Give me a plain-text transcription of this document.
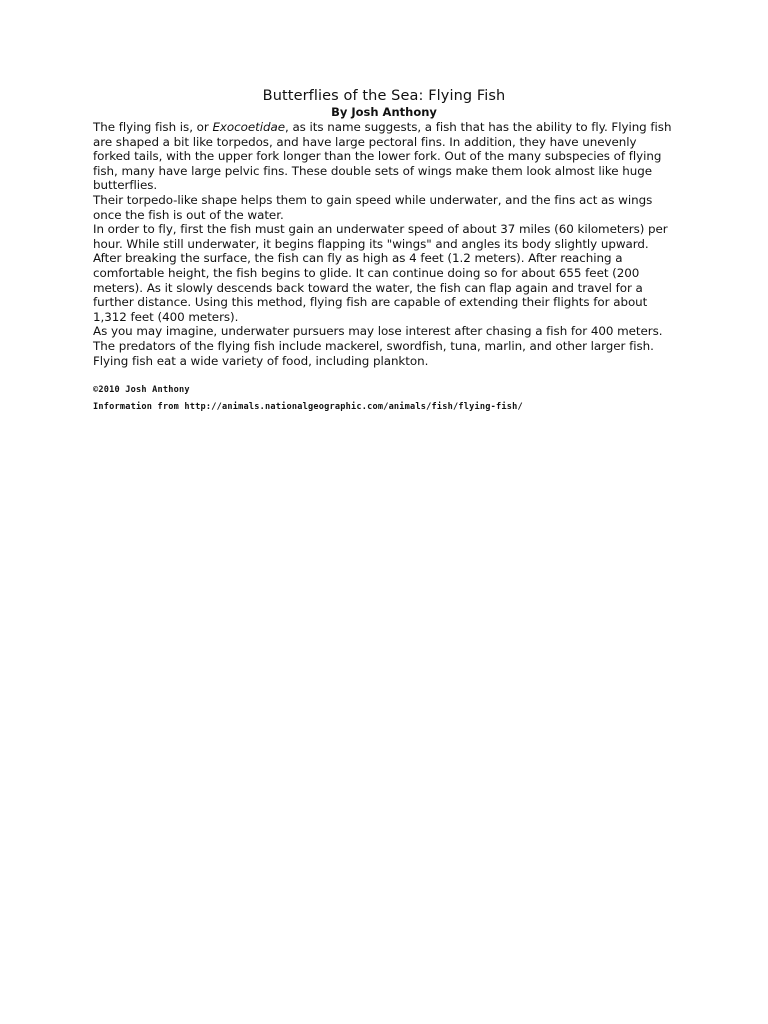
Butterflies of the Sea: Flying Fish
By Josh Anthony

The flying fish is, or Exocoetidae, as its name suggests, a fish that has the ability to fly. Flying fish are shaped a bit like torpedos, and have large pectoral fins. In addition, they have unevenly forked tails, with the upper fork longer than the lower fork. Out of the many subspecies of flying fish, many have large pelvic fins. These double sets of wings make them look almost like huge butterflies.

Their torpedo-like shape helps them to gain speed while underwater, and the fins act as wings once the fish is out of the water.

In order to fly, first the fish must gain an underwater speed of about 37 miles (60 kilometers) per hour. While still underwater, it begins flapping its "wings" and angles its body slightly upward. After breaking the surface, the fish can fly as high as 4 feet (1.2 meters). After reaching a comfortable height, the fish begins to glide. It can continue doing so for about 655 feet (200 meters). As it slowly descends back toward the water, the fish can flap again and travel for a further distance. Using this method, flying fish are capable of extending their flights for about 1,312 feet (400 meters).

As you may imagine, underwater pursuers may lose interest after chasing a fish for 400 meters. The predators of the flying fish include mackerel, swordfish, tuna, marlin, and other larger fish.

Flying fish eat a wide variety of food, including plankton.

©2010 Josh Anthony

Information from http://animals.nationalgeographic.com/animals/fish/flying-fish/
